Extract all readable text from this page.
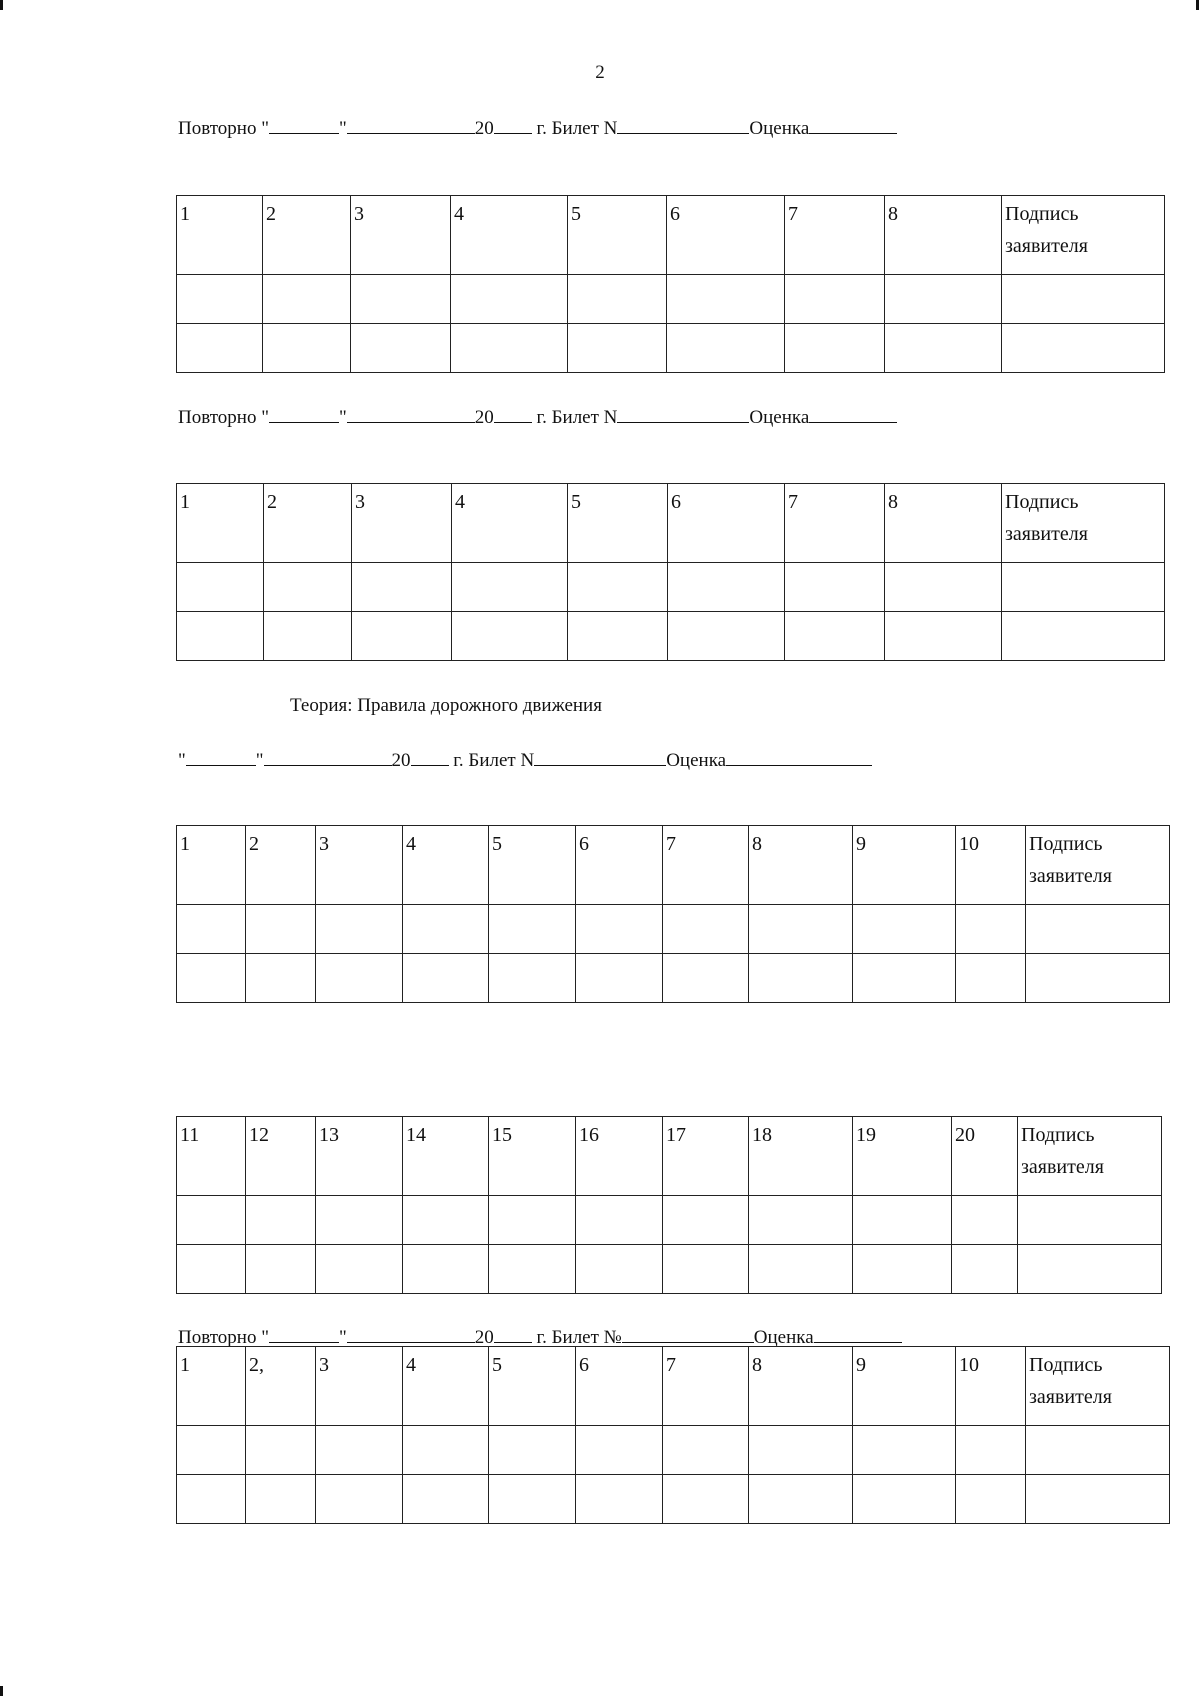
2
Повторно "	"	20 г. Билет N	Оценка
1	2	3	4	5	6	7	8	Подпись заявителя

Повторно "	"	20 г. Билет N	Оценка
1	2	3	4	5	6	7	8	Подпись заявителя

Теория: Правила дорожного движения
"	"	20 г. Билет N	Оценка
1	2	3	4	5	6	7	8	9	10	Подпись заявителя

11	12	13	14	15	16	17	18	19	20	Подпись заявителя

Повторно "	"	20 г. Билет №	Оценка
1	2,	3	4	5	6	7	8	9	10	Подпись заявителя
